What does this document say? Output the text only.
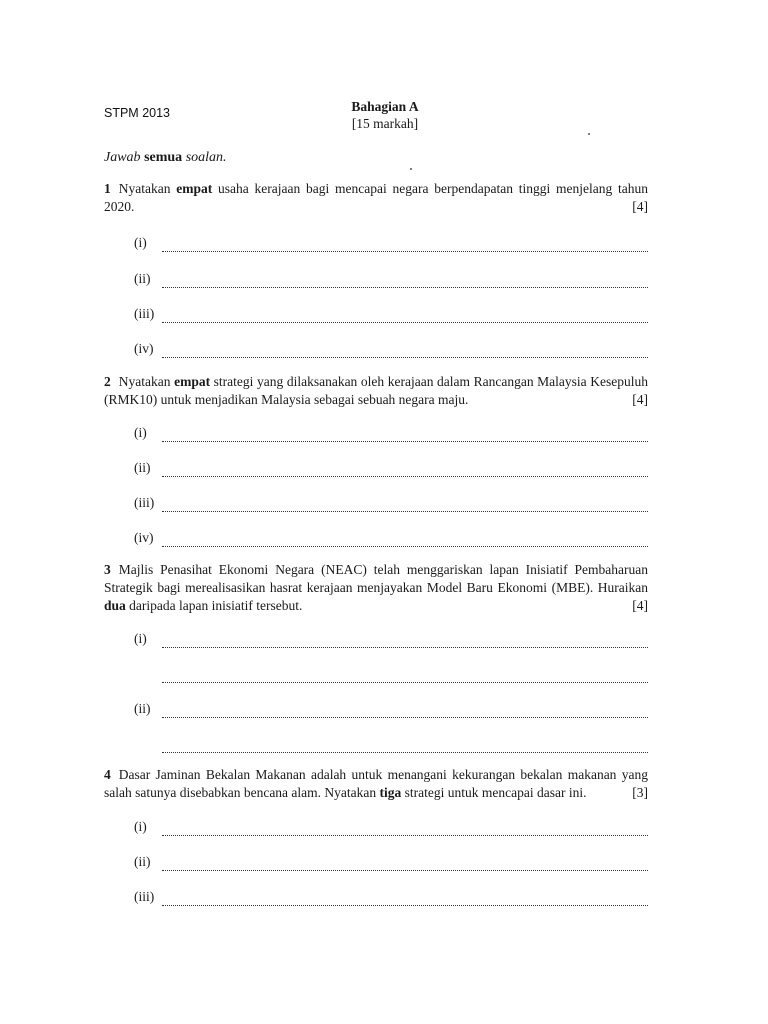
STPM 2013	Bahagian A
[15 markah]
Jawab semua soalan.
1 Nyatakan empat usaha kerajaan bagi mencapai negara berpendapatan tinggi menjelang tahun 2020.	[4]
(i)
(ii)
(iii)
(iv)
2 Nyatakan empat strategi yang dilaksanakan oleh kerajaan dalam Rancangan Malaysia Kesepuluh (RMK10) untuk menjadikan Malaysia sebagai sebuah negara maju.	[4]
(i)
(ii)
(iii)
(iv)
3 Majlis Penasihat Ekonomi Negara (NEAC) telah menggariskan lapan Inisiatif Pembaharuan Strategik bagi merealisasikan hasrat kerajaan menjayakan Model Baru Ekonomi (MBE). Huraikan dua daripada lapan inisiatif tersebut.	[4]
(i)
(ii)
4 Dasar Jaminan Bekalan Makanan adalah untuk menangani kekurangan bekalan makanan yang salah satunya disebabkan bencana alam. Nyatakan tiga strategi untuk mencapai dasar ini.	[3]
(i)
(ii)
(iii)
